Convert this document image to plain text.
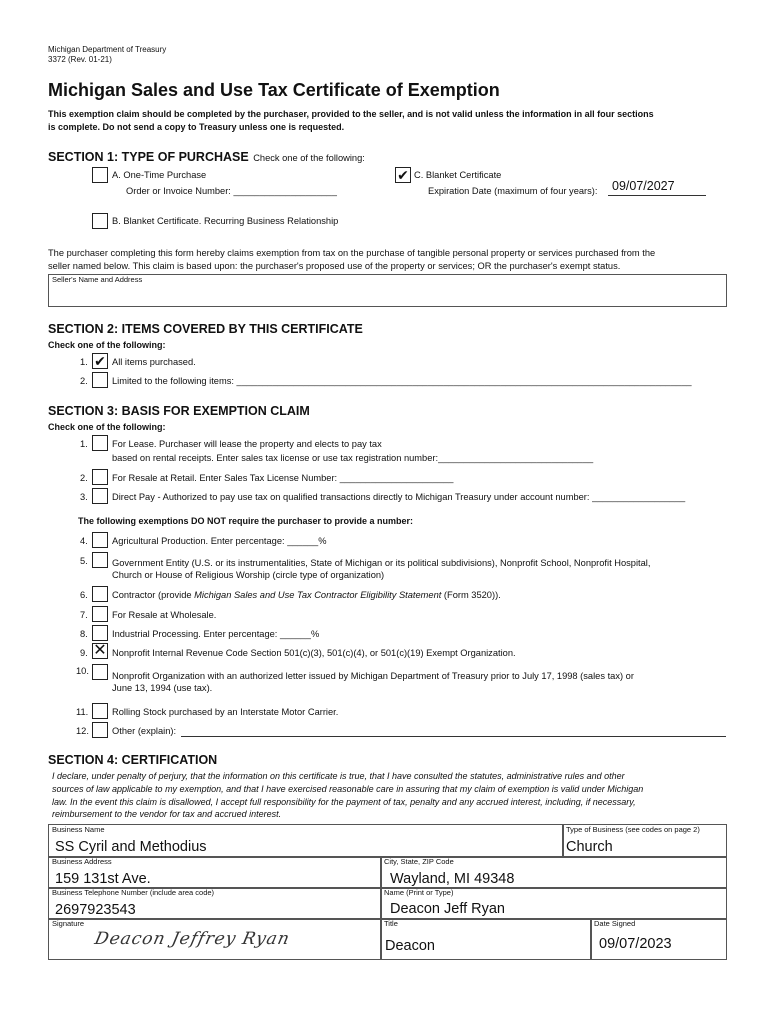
Michigan Department of Treasury
3372 (Rev. 01-21)
Michigan Sales and Use Tax Certificate of Exemption
This exemption claim should be completed by the purchaser, provided to the seller, and is not valid unless the information in all four sections
is complete. Do not send a copy to Treasury unless one is requested.
SECTION 1: TYPE OF PURCHASE Check one of the following:
A. One-Time Purchase
Order or Invoice Number: ____________________
✔ C. Blanket Certificate
Expiration Date (maximum of four years):	09/07/2027
B. Blanket Certificate. Recurring Business Relationship
The purchaser completing this form hereby claims exemption from tax on the purchase of tangible personal property or services purchased from the
seller named below. This claim is based upon: the purchaser's proposed use of the property or services; OR the purchaser's exempt status.
Seller's Name and Address
SECTION 2: ITEMS COVERED BY THIS CERTIFICATE
Check one of the following:
1. ✔ All items purchased.
2.	Limited to the following items: ________________________________________________________________________________________
SECTION 3: BASIS FOR EXEMPTION CLAIM
Check one of the following:
1.	For Lease. Purchaser will lease the property and elects to pay tax
based on rental receipts. Enter sales tax license or use tax registration number:______________________________
2.	For Resale at Retail. Enter Sales Tax License Number: ______________________
3.	Direct Pay - Authorized to pay use tax on qualified transactions directly to Michigan Treasury under account number: __________________
The following exemptions DO NOT require the purchaser to provide a number:
4.	Agricultural Production. Enter percentage: ______%
5.	Government Entity (U.S. or its instrumentalities, State of Michigan or its political subdivisions), Nonprofit School, Nonprofit Hospital,
Church or House of Religious Worship (circle type of organization)
6.	Contractor (provide Michigan Sales and Use Tax Contractor Eligibility Statement (Form 3520)).
7.	For Resale at Wholesale.
8.	Industrial Processing. Enter percentage: ______%
9. ✕ Nonprofit Internal Revenue Code Section 501(c)(3), 501(c)(4), or 501(c)(19) Exempt Organization.
10. Nonprofit Organization with an authorized letter issued by Michigan Department of Treasury prior to July 17, 1998 (sales tax) or
June 13, 1994 (use tax).
11.	Rolling Stock purchased by an Interstate Motor Carrier.
12. Other (explain):
SECTION 4: CERTIFICATION
I declare, under penalty of perjury, that the information on this certificate is true, that I have consulted the statutes, administrative rules and other
sources of law applicable to my exemption, and that I have exercised reasonable care in assuring that my claim of exemption is valid under Michigan
law. In the event this claim is disallowed, I accept full responsibility for the payment of tax, penalty and any accrued interest, including, if necessary,
reimbursement to the vendor for tax and accrued interest.
Business Name
SS Cyril and Methodius
Type of Business (see codes on page 2)
Church
Business Address
159 131st Ave.
City, State, ZIP Code
Wayland, MI 49348
Business Telephone Number (include area code)
2697923543
Name (Print or Type)
Deacon Jeff Ryan
Signature
Deacon Jeffrey Ryan
Title
Deacon
Date Signed
09/07/2023
